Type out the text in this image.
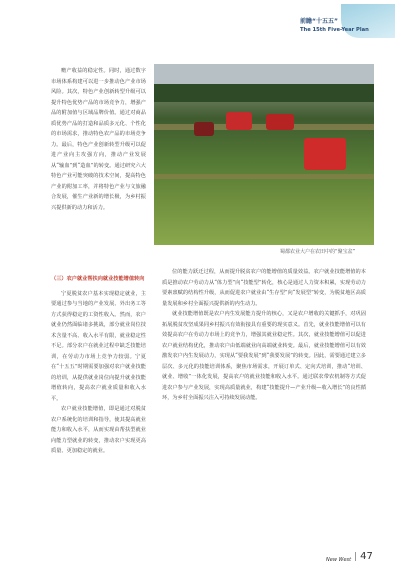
前瞻“十五五”
The 15th Five-Year Plan

赡产收益的稳定性。同时，通过数字市场体系构建可以进一步推动色产业市场风险。其次，特色产业创新转型升级可以提升特色优势产品的市场竞争力，增强产品的附加值与区域品牌价值。通过对商品质优势产品的打造和品质多元化、个性化的市场需求，推动特色农产品的市场竞争力。最后，特色产业创新转型升级可以促进产业向主攻强方向，推动产业发展从“输血”到“造血”的转变。通过研究六大特色产业可能突破的技术空间，提高特色产业的附加工率，并将特色产业与文旅融合发展，催生产业新的增长极，为乡村振兴提供新的动力和活力。

蜀都农业大户在农田中的“聚宝盆”

（三）农户就业帮扶向就业技能增值转向

宁夏脱贫农户基本实现稳定就业，主要通过参与当地的产业发展、外出务工等方式获得稳定的工资性收入。然而，农户就业仍然面临诸多挑战，部分就业岗位技术含量不高、收入水平有限，就业稳定性不足。部分农户在就业过程中缺乏技能培训，在劳动力市场上竞争力较弱。宁夏在“十五五”时期需要加强对农户就业技能的培训，从提供就业岗位向提升就业技能增值转向，提高农户就业质量和收入水平。

农户就业技能增值，即是通过对脱贫农户系统化的培训和指导，使其提高就业能力和收入水平，从而实现由帮扶型就业向能力型就业的转变，推动农户实现更高质量、更加稳定的就业。

位的能力跃迁过程，从而提升脱贫农户的能增值的质量效益。农户就业技能增值的本质是推动农户劳动力从“体力型”向“技能型”转化，核心是通过人力资本积累，实现劳动力要素禀赋的结构性升级，从而促进农户就业由“生存型”向“发展型”转变，为脱贫地区高质量发展和乡村全面振兴提供新的内生动力。

就业技能增值既是农户内生发展能力提升的核心，又是农户增收的关键抓手，对巩固拓展脱贫攻坚成果同乡村振兴有效衔接具有重要的现实意义。首先，就业技能增值可以有效提高农户在劳动力市场上的竞争力，增强其就业稳定性。其次，就业技能增值可以促进农户就业结构优化，推动农户由低端就业向高端就业转变。最后，就业技能增值可以有效激发农户内生发展动力，实现从“要我发展”到“我要发展”的转变。因此，需要通过建立多层次、多元化的技能培训体系，聚焦市场需求，开展订单式、定向式培训，推动“培训、就业、增收”一体化发展，提高农户的就业技能和收入水平。通过联农带农机制等方式促进农户参与产业发展，实现高质量就业，构建“技能提升—产业升级—收入增长”的良性循环，为乡村全面振兴注入可持续发展动能。

New West 47
